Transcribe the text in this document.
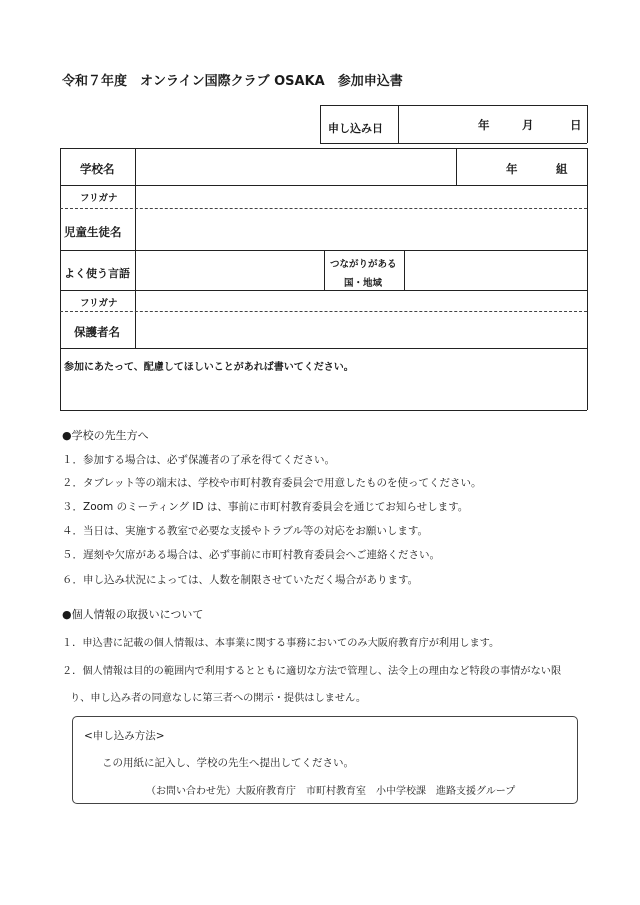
令和７年度　オンライン国際クラブ OSAKA　参加申込書
申し込み日	年	月	日
学校名	年	組
フリガナ
児童生徒名
よく使う言語
つながりがある
国・地域
フリガナ
保護者名
参加にあたって、配慮してほしいことがあれば書いてください。
●学校の先生方へ
１．参加する場合は、必ず保護者の了承を得てください。
２．タブレット等の端末は、学校や市町村教育委員会で用意したものを使ってください。
３．Zoom のミーティング ID は、事前に市町村教育委員会を通じてお知らせします。
４．当日は、実施する教室で必要な支援やトラブル等の対応をお願いします。
５．遅刻や欠席がある場合は、必ず事前に市町村教育委員会へご連絡ください。
６．申し込み状況によっては、人数を制限させていただく場合があります。
●個人情報の取扱いについて
１．申込書に記載の個人情報は、本事業に関する事務においてのみ大阪府教育庁が利用します。
２．個人情報は目的の範囲内で利用するとともに適切な方法で管理し、法令上の理由など特段の事情がない限
り、申し込み者の同意なしに第三者への開示・提供はしません。
<申し込み方法>
この用紙に記入し、学校の先生へ提出してください。
（お問い合わせ先）大阪府教育庁　市町村教育室　小中学校課　進路支援グループ
